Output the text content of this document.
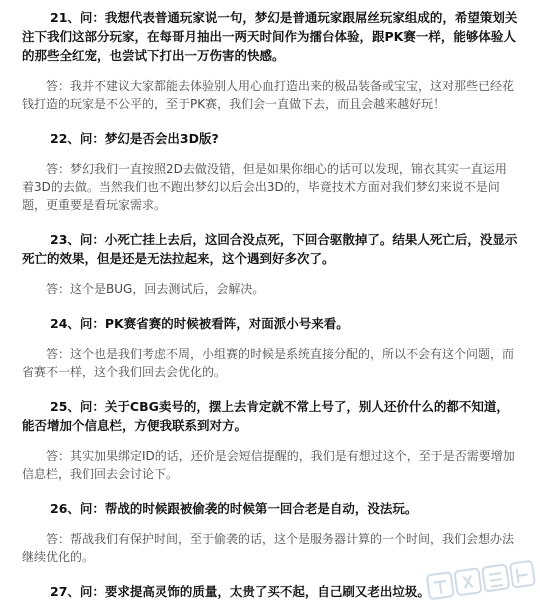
21、问：我想代表普通玩家说一句，梦幻是普通玩家跟屌丝玩家组成的，希望策划关注下我们这部分玩家，在每哥月抽出一两天时间作为擂台体验，跟PK赛一样，能够体验人的那些全红宠，也尝试下打出一万伤害的快感。

答：我并不建议大家都能去体验别人用心血打造出来的极品装备或宝宝，这对那些已经花钱打造的玩家是不公平的，至于PK赛，我们会一直做下去，而且会越来越好玩！

22、问：梦幻是否会出3D版?

答：梦幻我们一直按照2D去做没错，但是如果你细心的话可以发现，锦衣其实一直运用着3D的去做。当然我们也不跑出梦幻以后会出3D的，毕竟技术方面对我们梦幻来说不是问题，更重要是看玩家需求。

23、问：小死亡挂上去后，这回合没点死，下回合驱散掉了。结果人死亡后，没显示死亡的效果，但是还是无法拉起来，这个遇到好多次了。

答：这个是BUG，回去测试后，会解决。

24、问：PK赛省赛的时候被看阵，对面派小号来看。

答：这个也是我们考虑不周，小组赛的时候是系统直接分配的，所以不会有这个问题，而省赛不一样，这个我们回去会优化的。

25、问：关于CBG卖号的，摆上去肯定就不常上号了，别人还价什么的都不知道，能否增加个信息栏，方便我联系到对方。

答：其实加果绑定ID的话，还价是会短信提醒的，我们是有想过这个，至于是否需要增加信息栏，我们回去会讨论下。

26、问：帮战的时候跟被偷袭的时候第一回合老是自动，没法玩。

答：帮战我们有保护时间，至于偷袭的话，这个是服务器计算的一个时间，我们会想办法继续优化的。

27、问：要求提高灵饰的质量，太贵了买不起，自己刷又老出垃圾。
